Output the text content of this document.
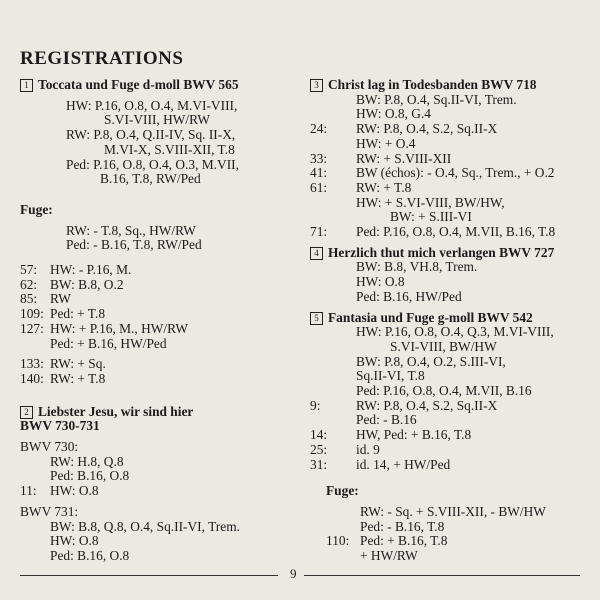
REGISTRATIONS
1 Toccata und Fuge d-moll BWV 565
HW: P.16, O.8, O.4, M.VI-VIII,
S.VI-VIII, HW/RW
RW: P.8, O.4, Q.II-IV, Sq. II-X,
M.VI-X, S.VIII-XII, T.8
Ped: P.16, O.8, O.4, O.3, M.VII,
B.16, T.8, RW/Ped
Fuge:
RW: - T.8, Sq., HW/RW
Ped: - B.16, T.8, RW/Ped
57: HW: - P.16, M.
62: BW: B.8, O.2
85: RW
109: Ped: + T.8
127: HW: + P.16, M., HW/RW
Ped: + B.16, HW/Ped
133: RW: + Sq.
140: RW: + T.8
2 Liebster Jesu, wir sind hier
BWV 730-731
BWV 730:
RW: H.8, Q.8
Ped: B.16, O.8
11: HW: O.8
BWV 731:
BW: B.8, Q.8, O.4, Sq.II-VI, Trem.
HW: O.8
Ped: B.16, O.8
3 Christ lag in Todesbanden BWV 718
BW: P.8, O.4, Sq.II-VI, Trem.
HW: O.8, G.4
24:	RW: P.8, O.4, S.2, Sq.II-X
HW: + O.4
33:	RW: + S.VIII-XII
41:	BW (échos): - O.4, Sq., Trem., + O.2
61:	RW: + T.8
HW: + S.VI-VIII, BW/HW,
BW: + S.III-VI
71:	Ped: P.16, O.8, O.4, M.VII, B.16, T.8
4 Herzlich thut mich verlangen BWV 727
BW: B.8, VH.8, Trem.
HW: O.8
Ped: B.16, HW/Ped
5 Fantasia und Fuge g-moll BWV 542
HW: P.16, O.8, O.4, Q.3, M.VI-VIII,
S.VI-VIII, BW/HW
BW: P.8, O.4, O.2, S.III-VI,
Sq.II-VI, T.8
Ped: P.16, O.8, O.4, M.VII, B.16
9:	RW: P.8, O.4, S.2, Sq.II-X
Ped: - B.16
14:	HW, Ped: + B.16, T.8
25:	id. 9
31:	id. 14, + HW/Ped
Fuge:
RW: - Sq. + S.VIII-XII, - BW/HW
Ped: - B.16, T.8
110: Ped: + B.16, T.8
+ HW/RW
9
